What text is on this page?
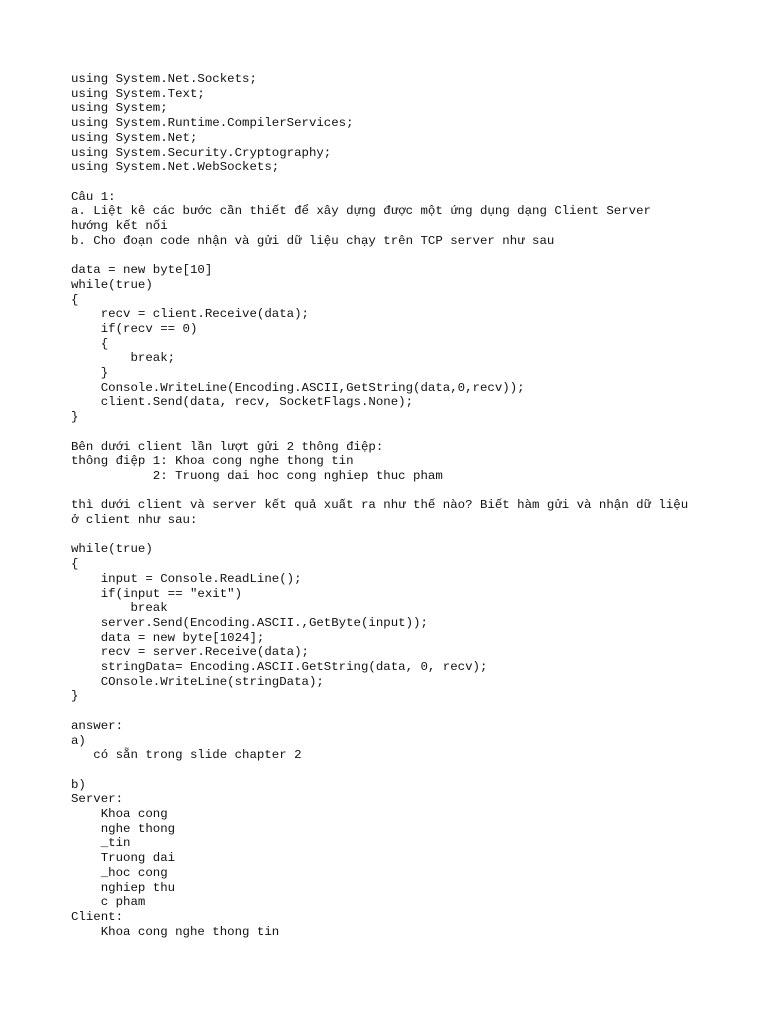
using System.Net.Sockets;
using System.Text;
using System;
using System.Runtime.CompilerServices;
using System.Net;
using System.Security.Cryptography;
using System.Net.WebSockets;
Câu 1:
a. Liệt kê các bước cần thiết để xây dựng được một ứng dụng dạng Client Server
hướng kết nối
b. Cho đoạn code nhận và gửi dữ liệu chạy trên TCP server như sau
data = new byte[10]
while(true)
{
recv = client.Receive(data);
if(recv == 0)
{
break;
}
Console.WriteLine(Encoding.ASCII,GetString(data,0,recv));
client.Send(data, recv, SocketFlags.None);
}
Bên dưới client lần lượt gửi 2 thông điệp:
thông điệp 1: Khoa cong nghe thong tin
2: Truong dai hoc cong nghiep thuc pham
thì dưới client và server kết quả xuất ra như thế nào? Biết hàm gửi và nhận dữ liệu
ở client như sau:
while(true)
{
input = Console.ReadLine();
if(input == "exit")
break
server.Send(Encoding.ASCII.,GetByte(input));
data = new byte[1024];
recv = server.Receive(data);
stringData= Encoding.ASCII.GetString(data, 0, recv);
COnsole.WriteLine(stringData);
}
answer:
a)
có sẵn trong slide chapter 2
b)
Server:
Khoa cong
nghe thong
_tin
Truong dai
_hoc cong
nghiep thu
c pham
Client:
Khoa cong nghe thong tin
